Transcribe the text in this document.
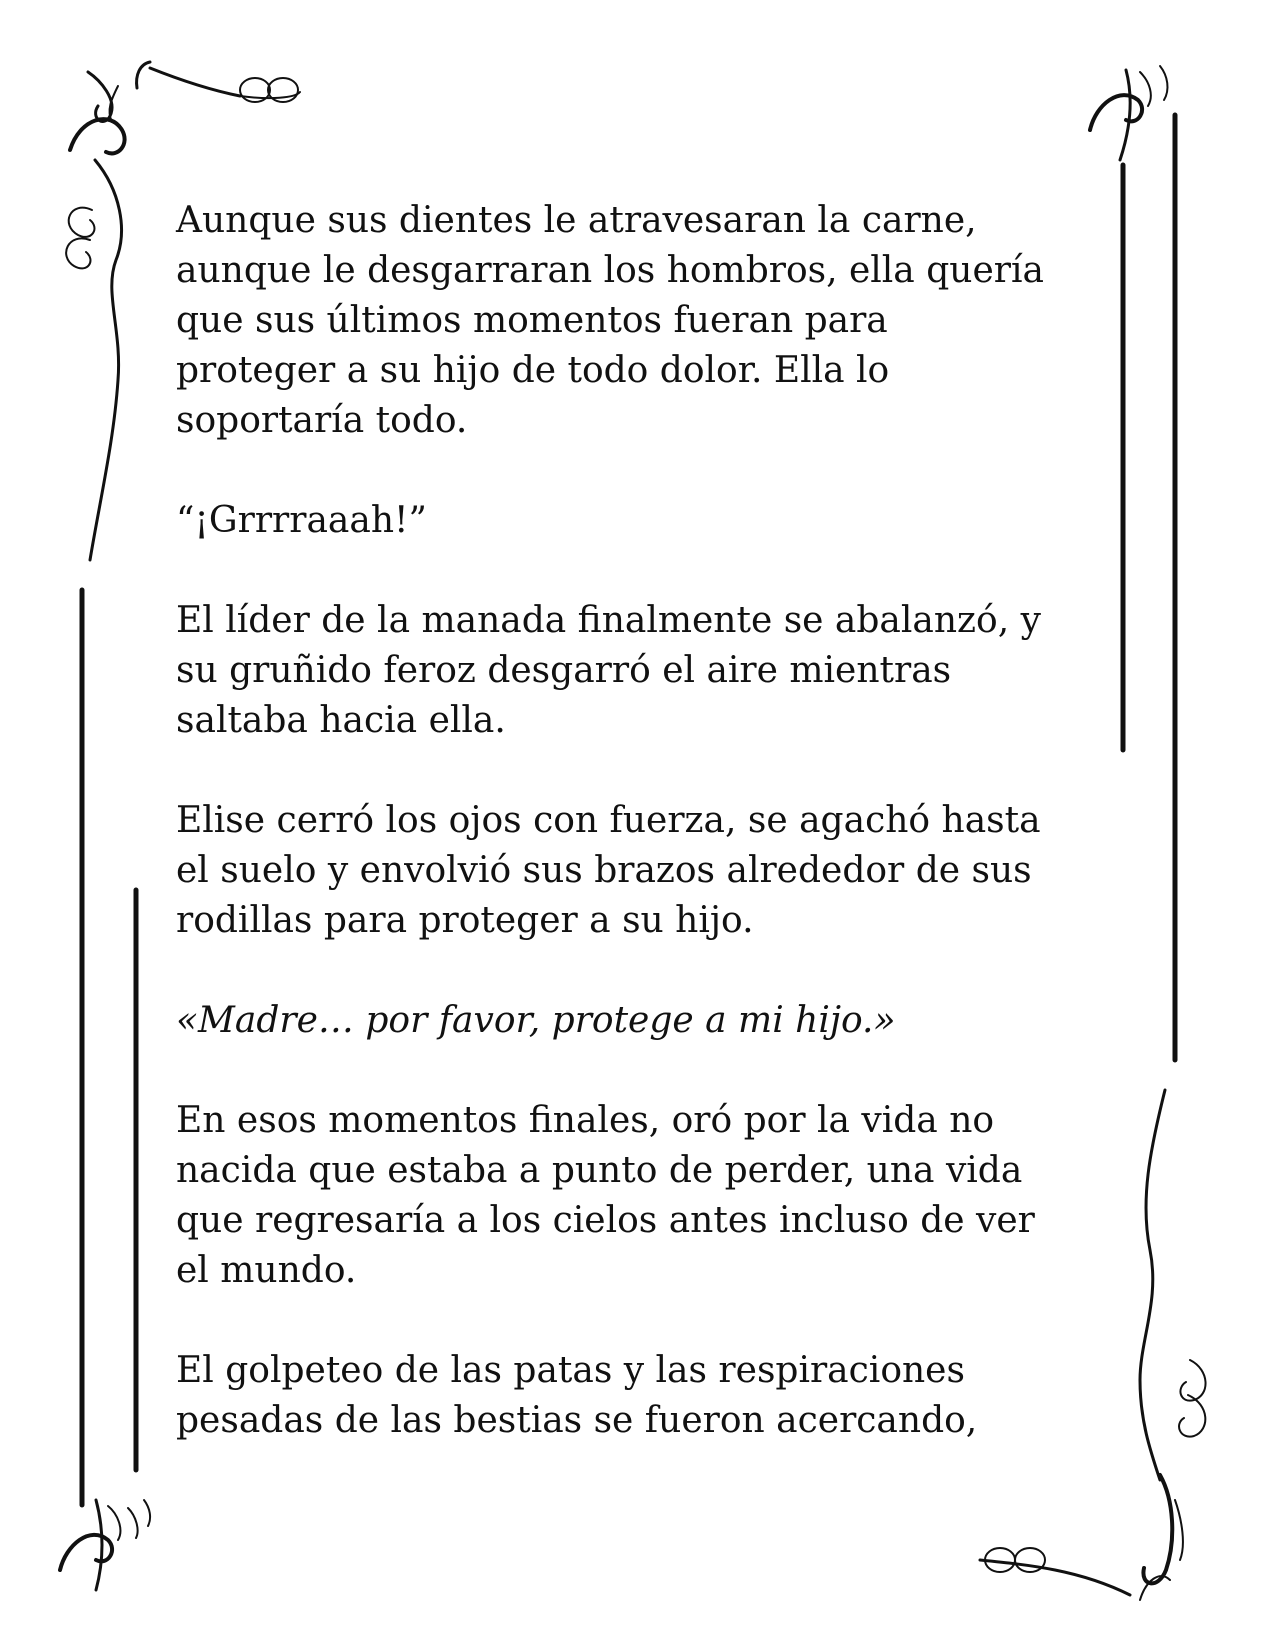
Aunque sus dientes le atravesaran la carne,
aunque le desgarraran los hombros, ella quería
que sus últimos momentos fueran para
proteger a su hijo de todo dolor. Ella lo
soportaría todo.

“¡Grrrraaah!”

El líder de la manada finalmente se abalanzó, y
su gruñido feroz desgarró el aire mientras
saltaba hacia ella.

Elise cerró los ojos con fuerza, se agachó hasta
el suelo y envolvió sus brazos alrededor de sus
rodillas para proteger a su hijo.

«Madre… por favor, protege a mi hijo.»

En esos momentos finales, oró por la vida no
nacida que estaba a punto de perder, una vida
que regresaría a los cielos antes incluso de ver
el mundo.

El golpeteo de las patas y las respiraciones
pesadas de las bestias se fueron acercando,
